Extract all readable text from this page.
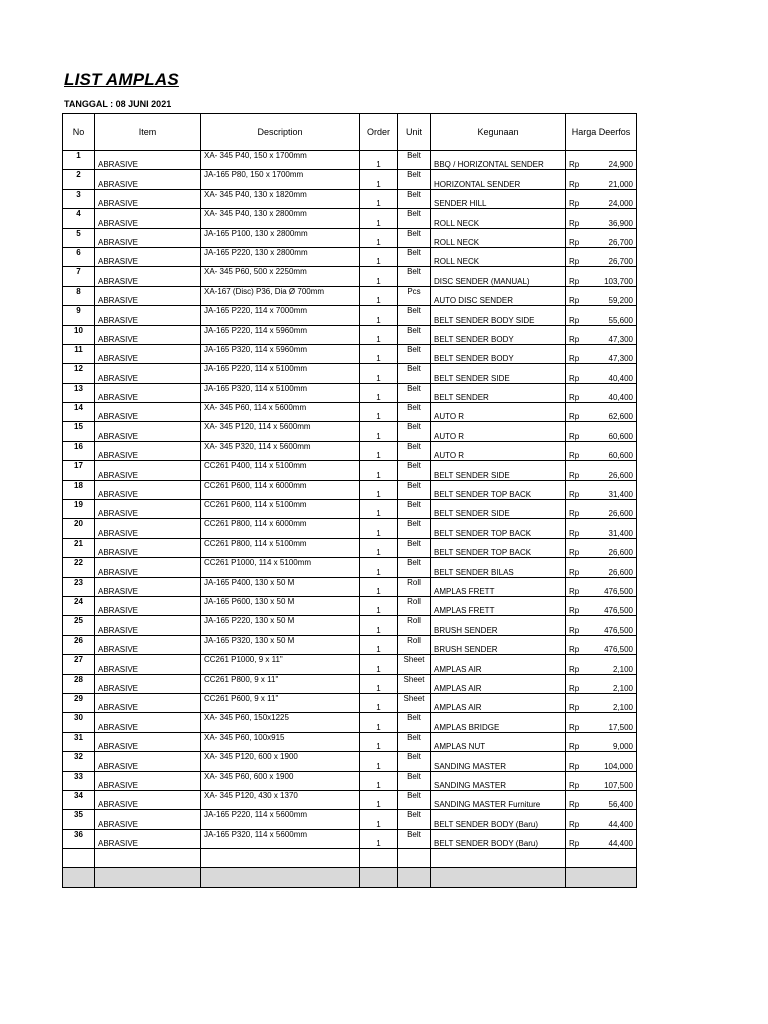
LIST AMPLAS
TANGGAL : 08 JUNI 2021
No	Item	Description	Order	Unit	Kegunaan	Harga Deerfos
1	ABRASIVE	XA- 345 P40, 150 x 1700mm	1	Belt	BBQ / HORIZONTAL SENDER	Rp 24,900

2	ABRASIVE	JA-165 P80, 150 x 1700mm	1	Belt	HORIZONTAL SENDER	Rp 21,000

3	ABRASIVE	XA- 345 P40, 130 x 1820mm	1	Belt	SENDER HILL	Rp 24,000

4	ABRASIVE	XA- 345 P40, 130 x 2800mm	1	Belt	ROLL NECK	Rp 36,900

5	ABRASIVE	JA-165 P100, 130 x 2800mm	1	Belt	ROLL NECK	Rp 26,700

6	ABRASIVE	JA-165 P220, 130 x 2800mm	1	Belt	ROLL NECK	Rp 26,700

7	ABRASIVE	XA- 345 P60, 500 x 2250mm	1	Belt	DISC SENDER (MANUAL)	Rp 103,700

8	ABRASIVE	XA-167 (Disc) P36, Dia Ø 700mm	1	Pcs	AUTO DISC SENDER	Rp 59,200

9	ABRASIVE	JA-165 P220, 114 x 7000mm	1	Belt	BELT SENDER BODY SIDE	Rp 55,600

10	ABRASIVE	JA-165 P220, 114 x 5960mm	1	Belt	BELT SENDER BODY	Rp 47,300

11	ABRASIVE	JA-165 P320, 114 x 5960mm	1	Belt	BELT SENDER BODY	Rp 47,300

12	ABRASIVE	JA-165 P220, 114 x 5100mm	1	Belt	BELT SENDER SIDE	Rp 40,400

13	ABRASIVE	JA-165 P320, 114 x 5100mm	1	Belt	BELT SENDER	Rp 40,400

14	ABRASIVE	XA- 345 P60, 114 x 5600mm	1	Belt	AUTO R	Rp 62,600

15	ABRASIVE	XA- 345 P120, 114 x 5600mm	1	Belt	AUTO R	Rp 60,600

16	ABRASIVE	XA- 345 P320, 114 x 5600mm	1	Belt	AUTO R	Rp 60,600

17	ABRASIVE	CC261 P400, 114 x 5100mm	1	Belt	BELT SENDER SIDE	Rp 26,600

18	ABRASIVE	CC261 P600, 114 x 6000mm	1	Belt	BELT SENDER TOP BACK	Rp 31,400

19	ABRASIVE	CC261 P600, 114 x 5100mm	1	Belt	BELT SENDER SIDE	Rp 26,600

20	ABRASIVE	CC261 P800, 114 x 6000mm	1	Belt	BELT SENDER TOP BACK	Rp 31,400

21	ABRASIVE	CC261 P800, 114 x 5100mm	1	Belt	BELT SENDER TOP BACK	Rp 26,600

22	ABRASIVE	CC261 P1000, 114 x 5100mm	1	Belt	BELT SENDER BILAS	Rp 26,600

23	ABRASIVE	JA-165 P400, 130 x 50 M	1	Roll	AMPLAS FRETT	Rp 476,500

24	ABRASIVE	JA-165 P600, 130 x 50 M	1	Roll	AMPLAS FRETT	Rp 476,500

25	ABRASIVE	JA-165 P220, 130 x 50 M	1	Roll	BRUSH SENDER	Rp 476,500

26	ABRASIVE	JA-165 P320, 130 x 50 M	1	Roll	BRUSH SENDER	Rp 476,500

27	ABRASIVE	CC261 P1000, 9 x 11"	1	Sheet	AMPLAS AIR	Rp 2,100

28	ABRASIVE	CC261 P800, 9 x 11"	1	Sheet	AMPLAS AIR	Rp 2,100

29	ABRASIVE	CC261 P600, 9 x 11"	1	Sheet	AMPLAS AIR	Rp 2,100

30	ABRASIVE	XA- 345 P60, 150x1225	1	Belt	AMPLAS BRIDGE	Rp 17,500

31	ABRASIVE	XA- 345 P60, 100x915	1	Belt	AMPLAS NUT	Rp 9,000

32	ABRASIVE	XA- 345 P120, 600 x 1900	1	Belt	SANDING MASTER	Rp 104,000

33	ABRASIVE	XA- 345 P60, 600 x 1900	1	Belt	SANDING MASTER	Rp 107,500

34	ABRASIVE	XA- 345 P120, 430 x 1370	1	Belt	SANDING MASTER Furniture	Rp 56,400

35	ABRASIVE	JA-165 P220, 114 x 5600mm	1	Belt	BELT SENDER BODY (Baru)	Rp 44,400

36	ABRASIVE	JA-165 P320, 114 x 5600mm	1	Belt	BELT SENDER BODY (Baru)	Rp 44,400
